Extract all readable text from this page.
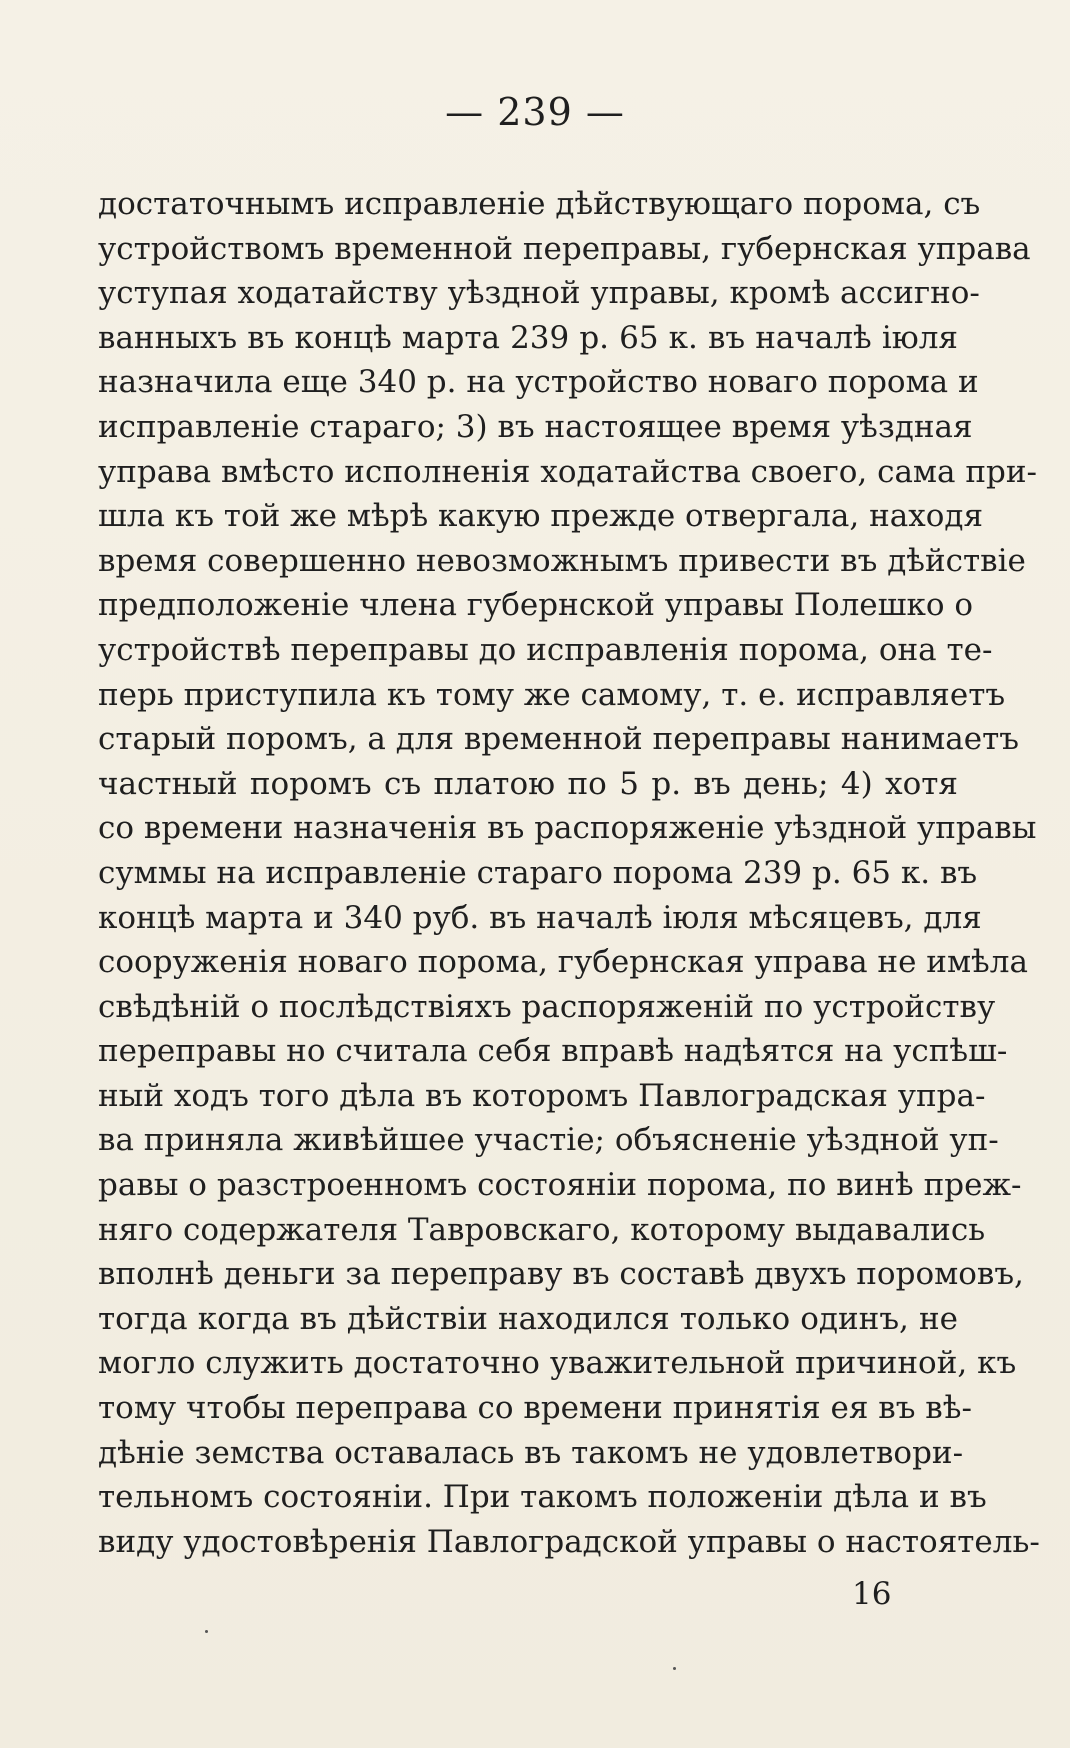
— 239 —
достаточнымъ исправленіе дѣйствующаго порома, съ
устройствомъ временной переправы, губернская управа
уступая ходатайству уѣздной управы, кромѣ ассигно-
ванныхъ въ концѣ марта 239 р. 65 к. въ началѣ іюля
назначила еще 340 р. на устройство новаго порома и
исправленіе стараго; 3) въ настоящее время уѣздная
управа вмѣсто исполненія ходатайства своего, сама при-
шла къ той же мѣрѣ какую прежде отвергала, находя
время совершенно невозможнымъ привести въ дѣйствіе
предположеніе члена губернской управы Полешко о
устройствѣ переправы до исправленія порома, она те-
перь приступила къ тому же самому, т. е. исправляетъ
старый поромъ, а для временной переправы нанимаетъ
частный поромъ съ платою по 5 р. въ день; 4) хотя
со времени назначенія въ распоряженіе уѣздной управы
суммы на исправленіе стараго порома 239 р. 65 к. въ
концѣ марта и 340 руб. въ началѣ іюля мѣсяцевъ, для
сооруженія новаго порома, губернская управа не имѣла
свѣдѣній о послѣдствіяхъ распоряженій по устройству
переправы но считала себя вправѣ надѣятся на успѣш-
ный ходъ того дѣла въ которомъ Павлоградская упра-
ва приняла живѣйшее участіе; объясненіе уѣздной уп-
равы о разстроенномъ состояніи порома, по винѣ преж-
няго содержателя Тавровскаго, которому выдавались
вполнѣ деньги за переправу въ составѣ двухъ поромовъ,
тогда когда въ дѣйствіи находился только одинъ, не
могло служить достаточно уважительной причиной, къ
тому чтобы переправа со времени принятія ея въ вѣ-
дѣніе земства оставалась въ такомъ не удовлетвори-
тельномъ состояніи. При такомъ положеніи дѣла и въ
виду удостовѣренія Павлоградской управы о настоятель-
16
